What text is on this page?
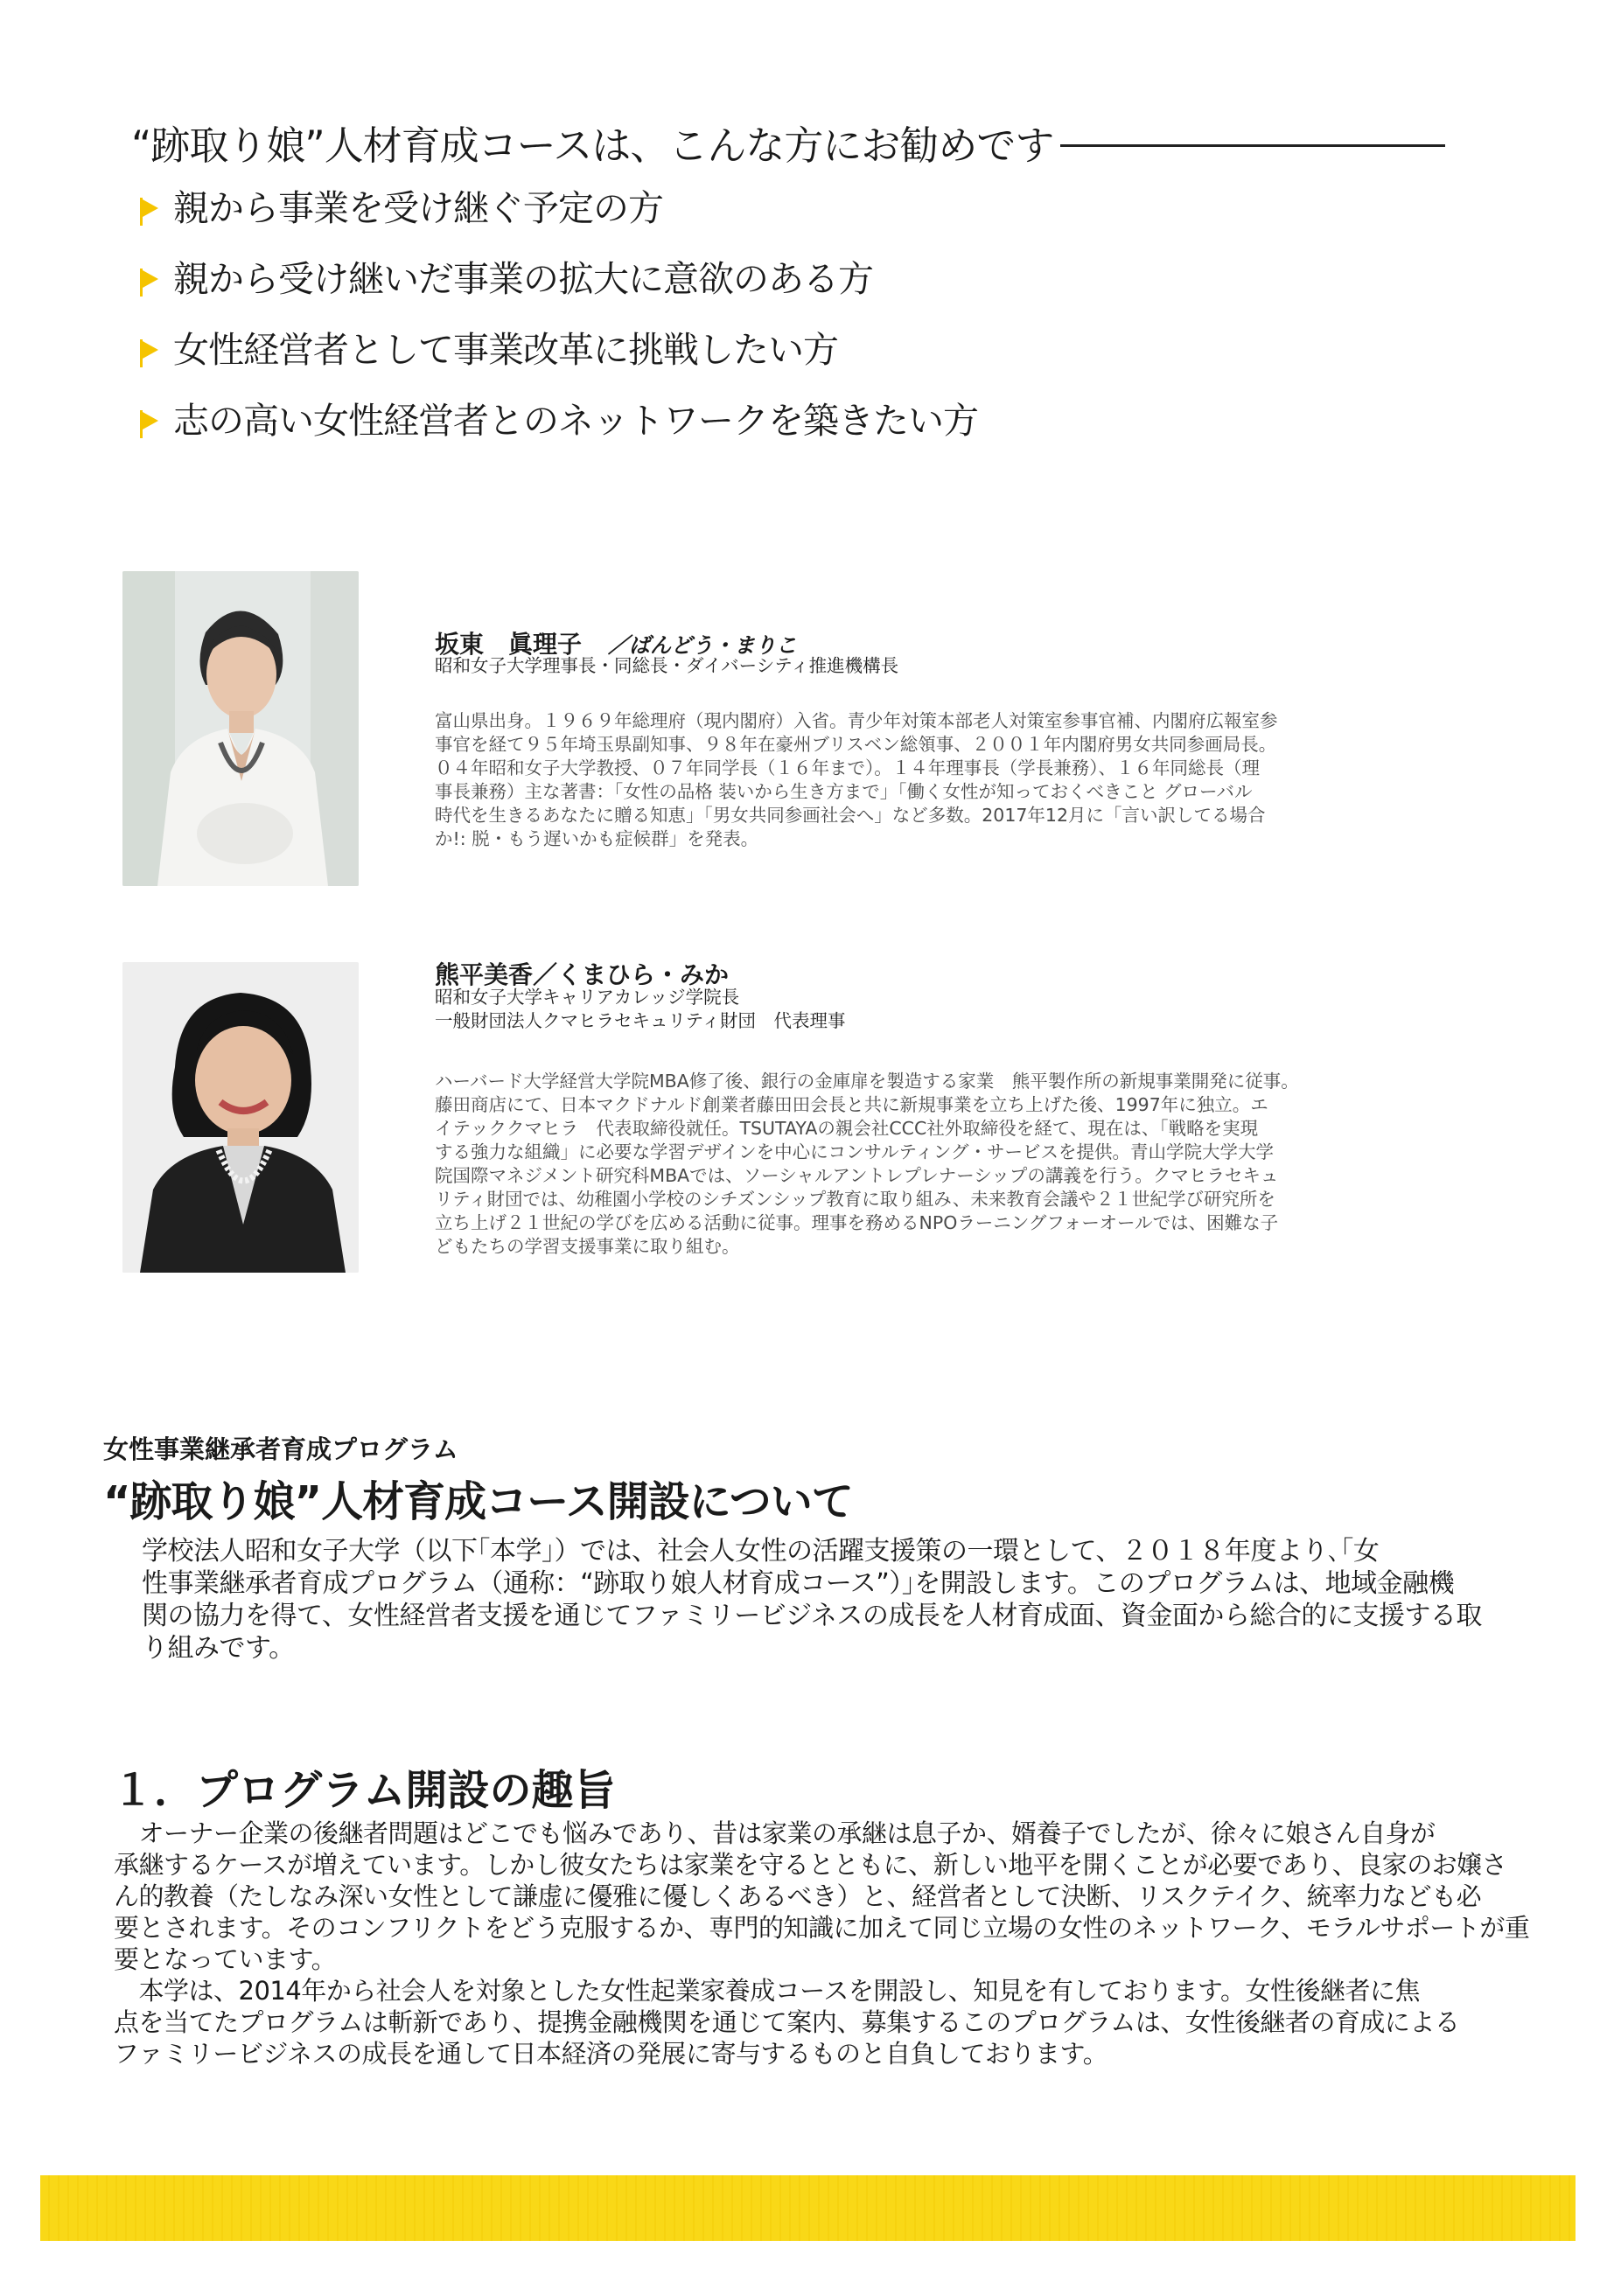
“跡取り娘”人材育成コースは、こんな方にお勧めです
親から事業を受け継ぐ予定の方
親から受け継いだ事業の拡大に意欲のある方
女性経営者として事業改革に挑戦したい方
志の高い女性経営者とのネットワークを築きたい方
坂東　眞理子 ／ばんどう・まりこ
昭和女子大学理事長・同総長・ダイバーシティ推進機構長

富山県出身。１９６９年総理府（現内閣府）入省。青少年対策本部老人対策室参事官補、内閣府広報室参

事官を経て９５年埼玉県副知事、９８年在豪州ブリスベン総領事、２００１年内閣府男女共同参画局長。

０４年昭和女子大学教授、０７年同学長（１６年まで）。１４年理事長（学長兼務）、１６年同総長（理

事長兼務）主な著書：「女性の品格 装いから生き方まで」「働く女性が知っておくべきこと グローバル

時代を生きるあなたに贈る知恵」「男女共同参画社会へ」など多数。2017年12月に「言い訳してる場合

か!: 脱・もう遅いかも症候群」を発表。

熊平美香／くまひら・みか
昭和女子大学キャリアカレッジ学院長
一般財団法人クマヒラセキュリティ財団　代表理事

ハーバード大学経営大学院MBA修了後、銀行の金庫扉を製造する家業　熊平製作所の新規事業開発に従事。

藤田商店にて、日本マクドナルド創業者藤田田会長と共に新規事業を立ち上げた後、1997年に独立。エ

イテッククマヒラ　代表取締役就任。TSUTAYAの親会社CCC社外取締役を経て、現在は、「戦略を実現

する強力な組織」に必要な学習デザインを中心にコンサルティング・サービスを提供。青山学院大学大学

院国際マネジメント研究科MBAでは、ソーシャルアントレプレナーシップの講義を行う。クマヒラセキュ

リティ財団では、幼稚園小学校のシチズンシップ教育に取り組み、未来教育会議や２１世紀学び研究所を

立ち上げ２１世紀の学びを広める活動に従事。理事を務めるNPOラーニングフォーオールでは、困難な子

どもたちの学習支援事業に取り組む。

女性事業継承者育成プログラム
“跡取り娘”人材育成コース開設について

学校法人昭和女子大学（以下｢本学｣）では、社会人女性の活躍支援策の一環として、２０１８年度より､｢女

性事業継承者育成プログラム（通称：“跡取り娘人材育成コース”）｣を開設します。このプログラムは、地域金融機

関の協力を得て、女性経営者支援を通じてファミリービジネスの成長を人材育成面、資金面から総合的に支援する取

り組みです。

１．プログラム開設の趣旨

　オーナー企業の後継者問題はどこでも悩みであり、昔は家業の承継は息子か、婿養子でしたが、徐々に娘さん自身が

承継するケースが増えています。しかし彼女たちは家業を守るとともに、新しい地平を開くことが必要であり、良家のお嬢さ

ん的教養（たしなみ深い女性として謙虚に優雅に優しくあるべき）と、経営者として決断、リスクテイク、統率力なども必

要とされます。そのコンフリクトをどう克服するか、専門的知識に加えて同じ立場の女性のネットワーク、モラルサポートが重

要となっています。

　本学は、2014年から社会人を対象とした女性起業家養成コースを開設し、知見を有しております。女性後継者に焦

点を当てたプログラムは斬新であり、提携金融機関を通じて案内、募集するこのプログラムは、女性後継者の育成による

ファミリービジネスの成長を通して日本経済の発展に寄与するものと自負しております。
